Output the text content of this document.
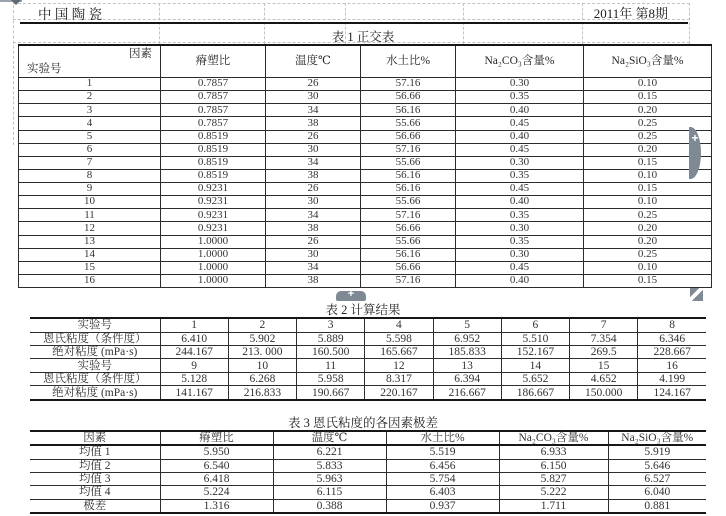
中 国 陶 瓷	2011年 第8期
表 1 正交表
因素
实验号	瘠塑比	温度℃	水土比%	Na₂CO₃含量%	Na₂SiO₃含量%
1	0.7857	26	57.16	0.30	0.10
2	0.7857	30	56.66	0.35	0.15
3	0.7857	34	56.16	0.40	0.20
4	0.7857	38	55.66	0.45	0.25
5	0.8519	26	56.66	0.40	0.25
6	0.8519	30	57.16	0.45	0.20
7	0.8519	34	55.66	0.30	0.15
8	0.8519	38	56.16	0.35	0.10
9	0.9231	26	56.16	0.45	0.15
10	0.9231	30	55.66	0.40	0.10
11	0.9231	34	57.16	0.35	0.25
12	0.9231	38	56.66	0.30	0.20
13	1.0000	26	55.66	0.35	0.20
14	1.0000	30	56.16	0.30	0.25
15	1.0000	34	56.66	0.45	0.10
16	1.0000	38	57.16	0.40	0.15
+
表 2 计算结果
实验号	1	2	3	4	5	6	7	8
恩氏粘度（条件度）	6.410	5.902	5.889	5.598	6.952	5.510	7.354	6.346
绝对粘度 (mPa·s)	244.167	213. 000	160.500	165.667	185.833	152.167	269.5	228.667
实验号	9	10	11	12	13	14	15	16
恩氏粘度（条件度）	5.128	6.268	5.958	8.317	6.394	5.652	4.652	4.199
绝对粘度 (mPa·s)	141.167	216.833	190.667	220.167	216.667	186.667	150.000	124.167
表 3 恩氏粘度的各因素极差
因素	瘠塑比	温度℃	水土比%	Na₂CO₃含量%	Na₂SiO₃含量%
均值 1	5.950	6.221	5.519	6.933	5.919
均值 2	6.540	5.833	6.456	6.150	5.646
均值 3	6.418	5.963	5.754	5.827	6.527
均值 4	5.224	6.115	6.403	5.222	6.040
极差	1.316	0.388	0.937	1.711	0.881
+
